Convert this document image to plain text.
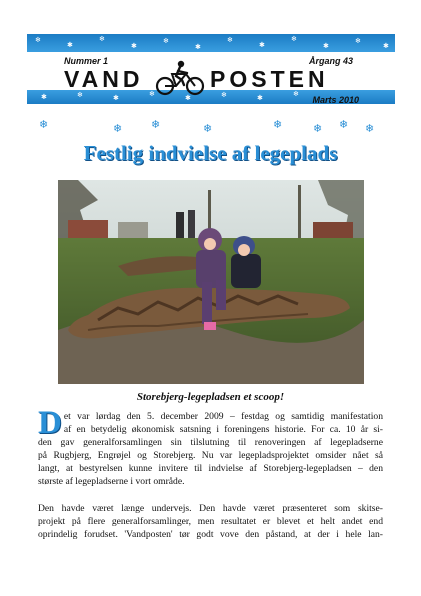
❄
✱
❄
✱
❄
✱
❄
✱
❄
✱
❄
✱
✱	❄	✱	❄	✱	❄	✱	❄
Nummer 1	Årgang 43
VAND	POSTEN
Marts 2010
❄	❄	❄	❄	❄	❄ ❄ ❄
Festlig indvielse af legeplads
Storebjerg-legepladsen et scoop!
D et var lørdag den 5. december 2009 – festdag og samtidig manifestation
af en betydelig økonomisk satsning i foreningens historie. For ca. 10 år si-
den gav generalforsamlingen sin tilslutning til renoveringen af legepladserne
på Rugbjerg, Engrøjel og Storebjerg. Nu var legepladsprojektet omsider nået så
langt, at bestyrelsen kunne invitere til indvielse af Storebjerg-legepladsen – den
største af legepladserne i vort område.
Den havde været længe undervejs. Den havde været præsenteret som skitse-
projekt på flere generalforsamlinger, men resultatet er blevet et helt andet end
oprindelig forudset. 'Vandposten' tør godt vove den påstand, at der i hele lan-
